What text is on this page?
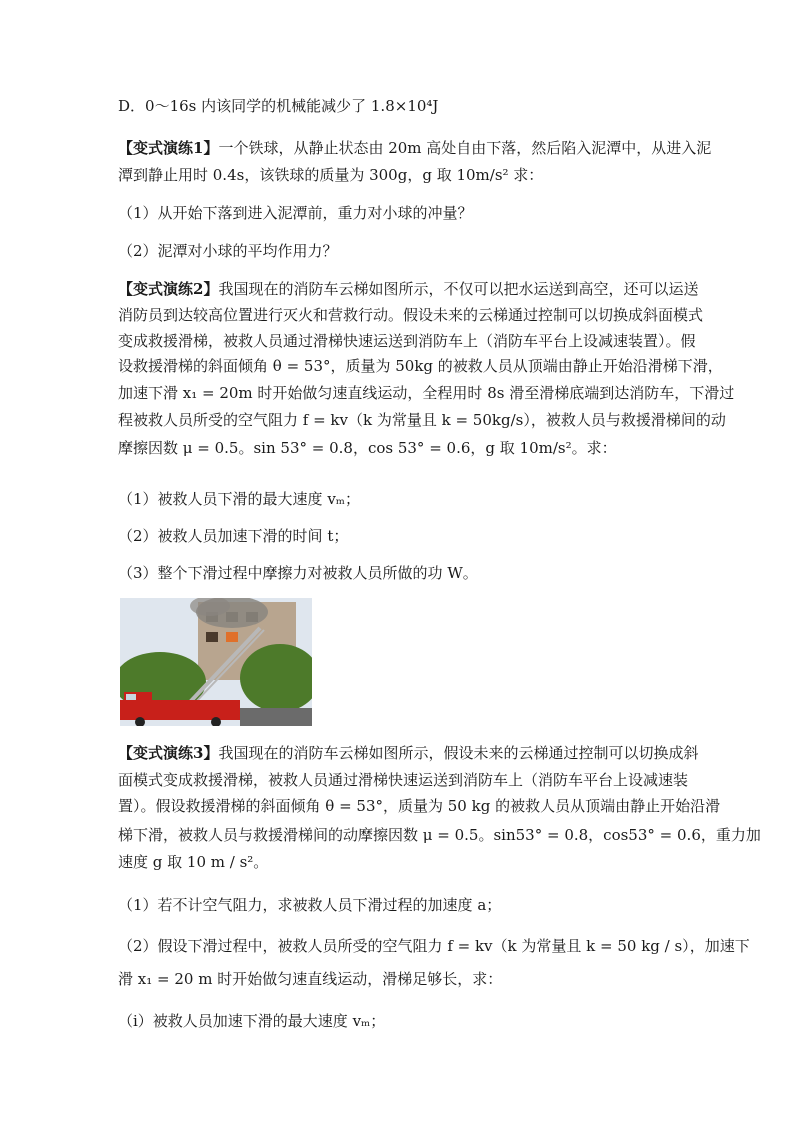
D．0～16s 内该同学的机械能减少了 1.8×10⁴J
【变式演练1】一个铁球，从静止状态由 20m 高处自由下落，然后陷入泥潭中，从进入泥
潭到静止用时 0.4s，该铁球的质量为 300g，g 取 10m/s² 求：
（1）从开始下落到进入泥潭前，重力对小球的冲量？
（2）泥潭对小球的平均作用力？
【变式演练2】我国现在的消防车云梯如图所示，不仅可以把水运送到高空，还可以运送
消防员到达较高位置进行灭火和营救行动。假设未来的云梯通过控制可以切换成斜面模式
变成救援滑梯，被救人员通过滑梯快速运送到消防车上（消防车平台上设减速装置）。假
设救援滑梯的斜面倾角 θ = 53°，质量为 50kg 的被救人员从顶端由静止开始沿滑梯下滑，
加速下滑 x₁ = 20m 时开始做匀速直线运动，全程用时 8s 滑至滑梯底端到达消防车，下滑过
程被救人员所受的空气阻力 f = kv（k 为常量且 k = 50kg/s），被救人员与救援滑梯间的动
摩擦因数 μ = 0.5。sin 53° = 0.8，cos 53° = 0.6，g 取 10m/s²。求：
（1）被救人员下滑的最大速度 vₘ；
（2）被救人员加速下滑的时间 t；
（3）整个下滑过程中摩擦力对被救人员所做的功 W。
【变式演练3】我国现在的消防车云梯如图所示，假设未来的云梯通过控制可以切换成斜
面模式变成救援滑梯，被救人员通过滑梯快速运送到消防车上（消防车平台上设减速装
置）。假设救援滑梯的斜面倾角 θ = 53°，质量为 50 kg 的被救人员从顶端由静止开始沿滑
梯下滑，被救人员与救援滑梯间的动摩擦因数 μ = 0.5。sin53° = 0.8，cos53° = 0.6，重力加
速度 g 取 10 m / s²。
（1）若不计空气阻力，求被救人员下滑过程的加速度 a；
（2）假设下滑过程中，被救人员所受的空气阻力 f = kv（k 为常量且 k = 50 kg / s），加速下
滑 x₁ = 20 m 时开始做匀速直线运动，滑梯足够长，求：
（i）被救人员加速下滑的最大速度 vₘ；
